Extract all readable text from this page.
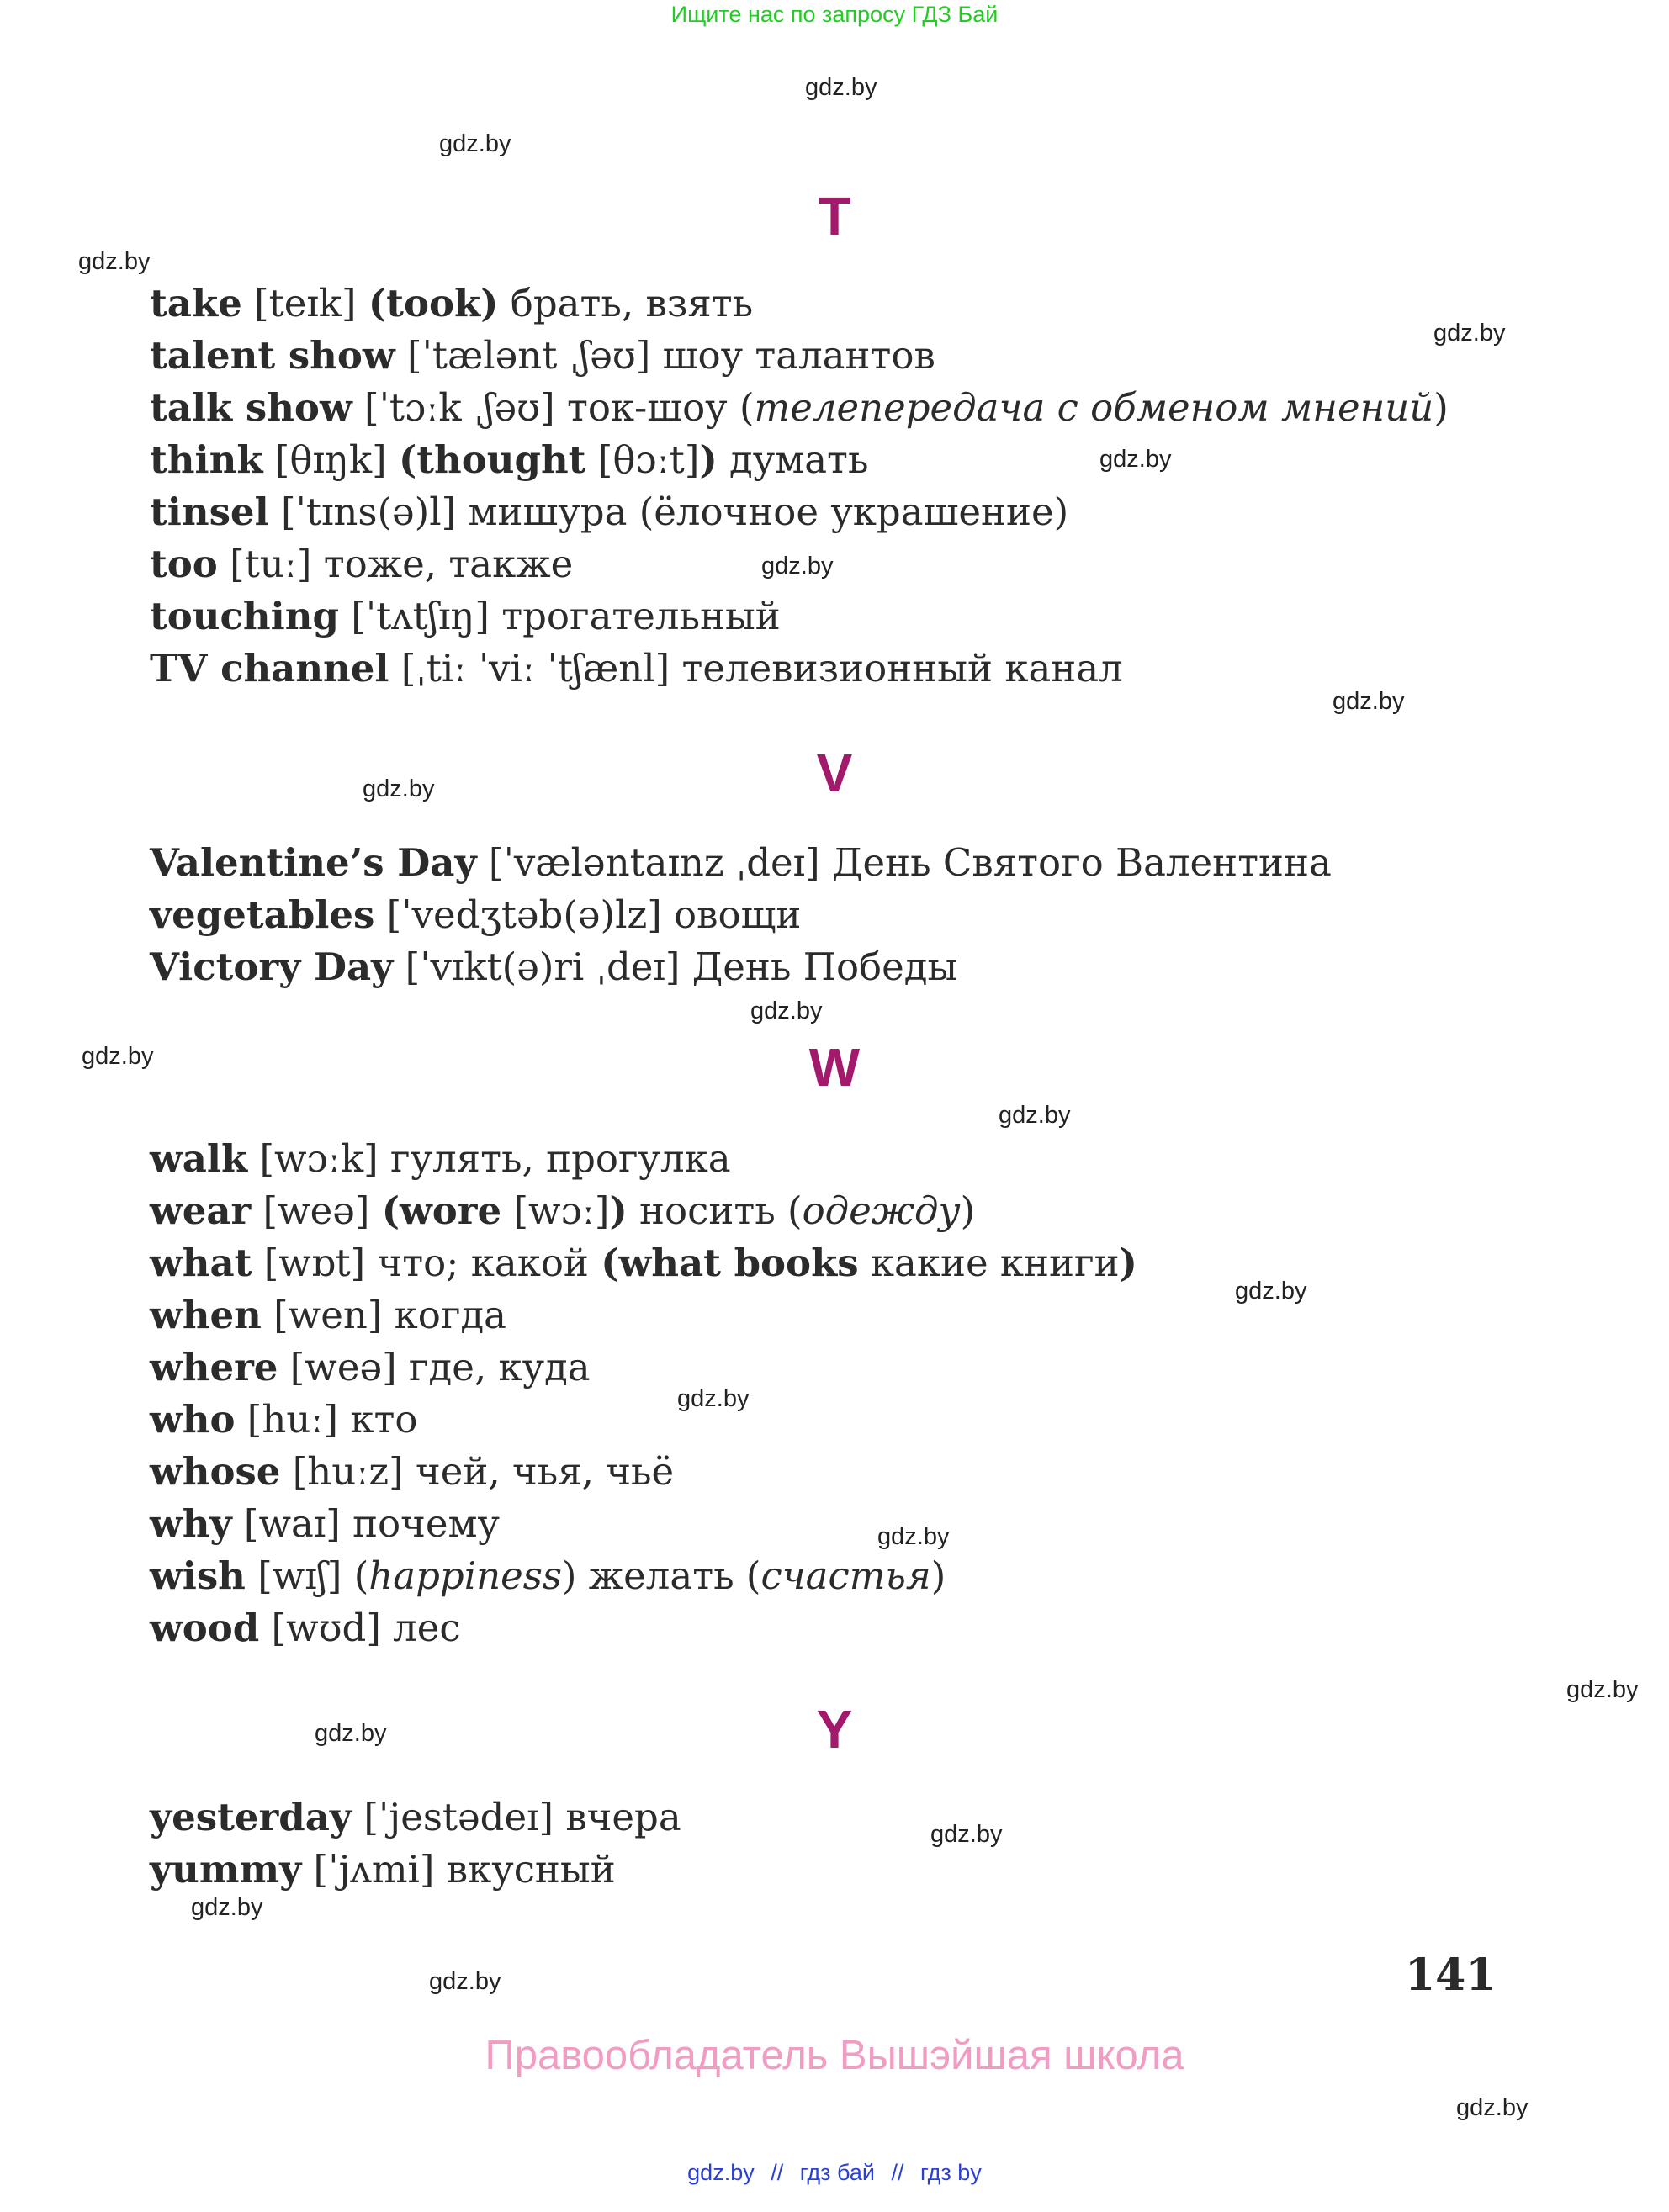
Ищите нас по запросу ГДЗ Бай
gdz.by
gdz.by
gdz.by
gdz.by
gdz.by
gdz.by
gdz.by
gdz.by
gdz.by
gdz.by
gdz.by
gdz.by
gdz.by
gdz.by
gdz.by
gdz.by
gdz.by
gdz.by
gdz.by
gdz.by
T
take [teɪk] (took) брать, взять
talent show [ˈtælənt ˌʃəʊ] шоу талантов
talk show [ˈtɔːk ˌʃəʊ] ток-шоу (телепередача с обменом мнений)
think [θɪŋk] (thought [θɔːt]) думать
tinsel [ˈtɪns(ə)l] мишура (ёлочное украшение)
too [tuː] тоже, также
touching [ˈtʌtʃɪŋ] трогательный
TV channel [ˌtiː ˈviː ˈtʃænl] телевизионный канал
V
Valentine’s Day [ˈvæləntaɪnz ˌdeɪ] День Святого Валентина
vegetables [ˈvedʒtəb(ə)lz] овощи
Victory Day [ˈvɪkt(ə)ri ˌdeɪ] День Победы
W
walk [wɔːk] гулять, прогулка
wear [weə] (wore [wɔː]) носить (одежду)
what [wɒt] что; какой (what books какие книги)
when [wen] когда
where [weə] где, куда
who [huː] кто
whose [huːz] чей, чья, чьё
why [waɪ] почему
wish [wɪʃ] (happiness) желать (счастья)
wood [wʊd] лес
Y
yesterday [ˈjestədeɪ] вчера
yummy [ˈjʌmi] вкусный
141
Правообладатель Вышэйшая школа
gdz.by // гдз бай // гдз by
